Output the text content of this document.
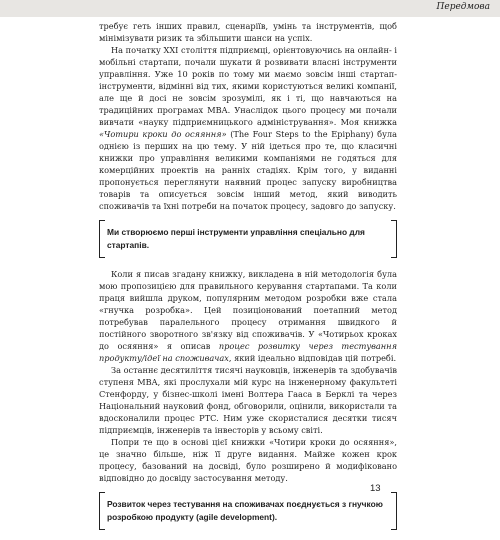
Передмова

требує геть інших правил, сценаріїв, умінь та інструментів, щоб мінімізувати ризик та збільшити шанси на успіх.

На початку XXI століття підприємці, орієнтовуючись на онлайн- і мобільні стартапи, почали шукати й розвивати власні інструменти управління. Уже 10 років по тому ми маємо зовсім інші стартап-інструменти, відмінні від тих, якими користуються великі компанії, але ще й досі не зовсім зрозумілі, як і ті, що навчаються на традиційних програмах MBA. Унаслідок цього процесу ми почали вивчати «науку підприємницького адміністрування». Моя книжка «Чотири кроки до осяяння» (The Four Steps to the Epiphany) була однією із перших на цю тему. У ній ідеться про те, що класичні книжки про управління великими компаніями не годяться для комерційних проектів на ранніх стадіях. Крім того, у виданні пропонується переглянути наявний процес запуску виробництва товарів та описується зовсім інший метод, який виводить споживачів та їхні потреби на початок процесу, задовго до запуску.

Ми створюємо перші інструменти управління спеціально для стартапів.

Коли я писав згадану книжку, викладена в ній методологія була мою пропозицією для правильного керування стартапами. Та коли праця вийшла друком, популярним методом розробки вже стала «гнучка розробка». Цей позиціонований поетапний метод потребував паралельного процесу отримання швидкого й постійного зворотного зв'язку від споживачів. У «Чотирьох кроках до осяяння» я описав процес розвитку через тестування продукту/ідеї на споживачах, який ідеально відповідав цій потребі.

За останнє десятиліття тисячі науковців, інженерів та здобувачів ступеня MBA, які прослухали мій курс на інженерному факультеті Стенфорду, у бізнес-школі імені Волтера Гааса в Берклі та через Національний науковий фонд, обговорили, оцінили, використали та вдосконалили процес PTC. Ним уже скористалися десятки тисяч підприємців, інженерів та інвесторів у всьому світі.

Попри те що в основі цієї книжки «Чотири кроки до осяяння», це значно більше, ніж її друге видання. Майже кожен крок процесу, базований на досвіді, було розширено й модифіковано відповідно до досвіду застосування методу.

Розвиток через тестування на споживачах поєднується з гнучкою розробкою продукту (agile development).
13
